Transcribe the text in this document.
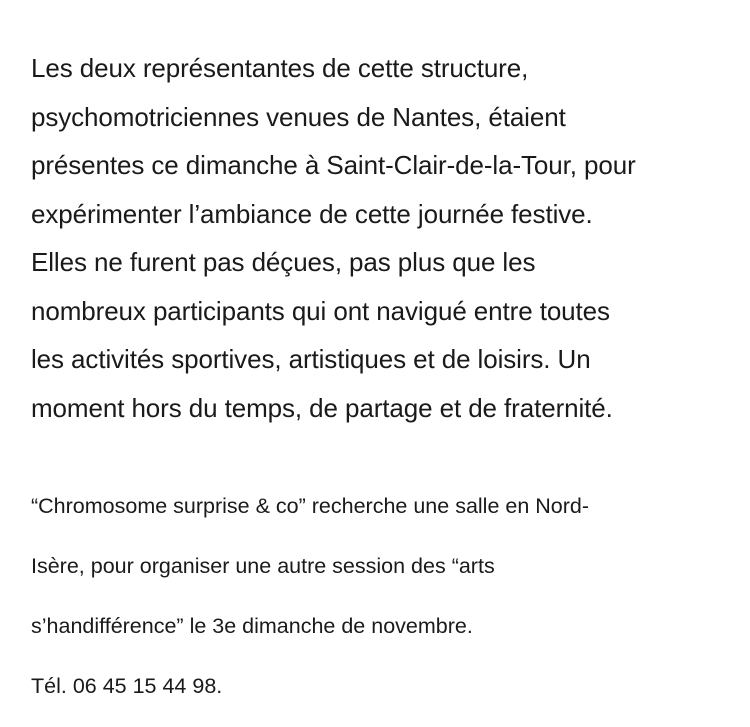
Les deux représentantes de cette structure,
psychomotriciennes venues de Nantes, étaient
présentes ce dimanche à Saint-Clair-de-la-Tour, pour
expérimenter l’ambiance de cette journée festive.
Elles ne furent pas déçues, pas plus que les
nombreux participants qui ont navigué entre toutes
les activités sportives, artistiques et de loisirs. Un
moment hors du temps, de partage et de fraternité.

“Chromosome surprise & co” recherche une salle en Nord-
Isère, pour organiser une autre session des “arts
s’handifférence” le 3e dimanche de novembre.

Tél. 06 45 15 44 98.
